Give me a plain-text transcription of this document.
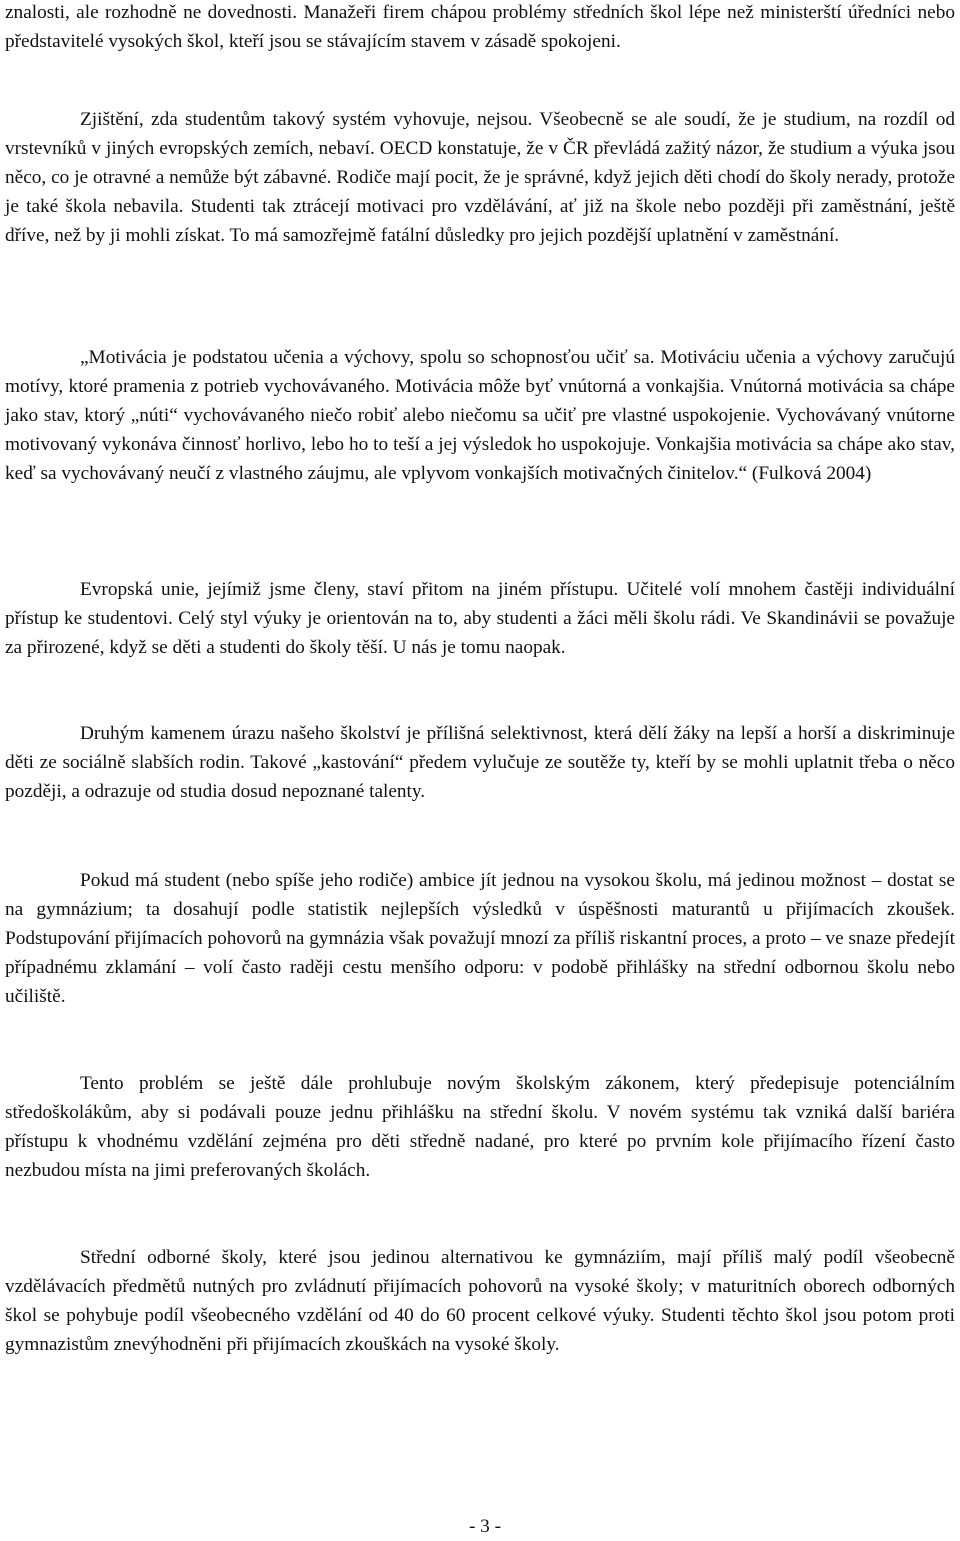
znalosti, ale rozhodně ne dovednosti. Manažeři firem chápou problémy středních škol lépe než ministerští úředníci nebo představitelé vysokých škol, kteří jsou se stávajícím stavem v zásadě spokojeni.

Zjištění, zda studentům takový systém vyhovuje, nejsou. Všeobecně se ale soudí, že je studium, na rozdíl od vrstevníků v jiných evropských zemích, nebaví. OECD konstatuje, že v ČR převládá zažitý názor, že studium a výuka jsou něco, co je otravné a nemůže být zábavné. Rodiče mají pocit, že je správné, když jejich děti chodí do školy nerady, protože je také škola nebavila. Studenti tak ztrácejí motivaci pro vzdělávání, ať již na škole nebo později při zaměstnání, ještě dříve, než by ji mohli získat. To má samozřejmě fatální důsledky pro jejich pozdější uplatnění v zaměstnání.

„Motivácia je podstatou učenia a výchovy, spolu so schopnosťou učiť sa. Motiváciu učenia a výchovy zaručujú motívy, ktoré pramenia z potrieb vychovávaného. Motivácia môže byť vnútorná a vonkajšia. Vnútorná motivácia sa chápe jako stav, ktorý „núti“ vychovávaného niečo robiť alebo niečomu sa učiť pre vlastné uspokojenie. Vychovávaný vnútorne motivovaný vykonáva činnosť horlivo, lebo ho to teší a jej výsledok ho uspokojuje. Vonkajšia motivácia sa chápe ako stav, keď sa vychovávaný neučí z vlastného záujmu, ale vplyvom vonkajších motivačných činitelov.“ (Fulková 2004)

Evropská unie, jejímiž jsme členy, staví přitom na jiném přístupu. Učitelé volí mnohem častěji individuální přístup ke studentovi. Celý styl výuky je orientován na to, aby studenti a žáci měli školu rádi. Ve Skandinávii se považuje za přirozené, když se děti a studenti do školy těší. U nás je tomu naopak.

Druhým kamenem úrazu našeho školství je přílišná selektivnost, která dělí žáky na lepší a horší a diskriminuje děti ze sociálně slabších rodin. Takové „kastování“ předem vylučuje ze soutěže ty, kteří by se mohli uplatnit třeba o něco později, a odrazuje od studia dosud nepoznané talenty.

Pokud má student (nebo spíše jeho rodiče) ambice jít jednou na vysokou školu, má jedinou možnost – dostat se na gymnázium; ta dosahují podle statistik nejlepších výsledků v úspěšnosti maturantů u přijímacích zkoušek. Podstupování přijímacích pohovorů na gymnázia však považují mnozí za příliš riskantní proces, a proto – ve snaze předejít případnému zklamání – volí často raději cestu menšího odporu: v podobě přihlášky na střední odbornou školu nebo učiliště.

Tento problém se ještě dále prohlubuje novým školským zákonem, který předepisuje potenciálním středoškolákům, aby si podávali pouze jednu přihlášku na střední školu. V novém systému tak vzniká další bariéra přístupu k vhodnému vzdělání zejména pro děti středně nadané, pro které po prvním kole přijímacího řízení často nezbudou místa na jimi preferovaných školách.

Střední odborné školy, které jsou jedinou alternativou ke gymnáziím, mají příliš malý podíl všeobecně vzdělávacích předmětů nutných pro zvládnutí přijímacích pohovorů na vysoké školy; v maturitních oborech odborných škol se pohybuje podíl všeobecného vzdělání od 40 do 60 procent celkové výuky. Studenti těchto škol jsou potom proti gymnazistům znevýhodněni při přijímacích zkouškách na vysoké školy.

- 3 -
